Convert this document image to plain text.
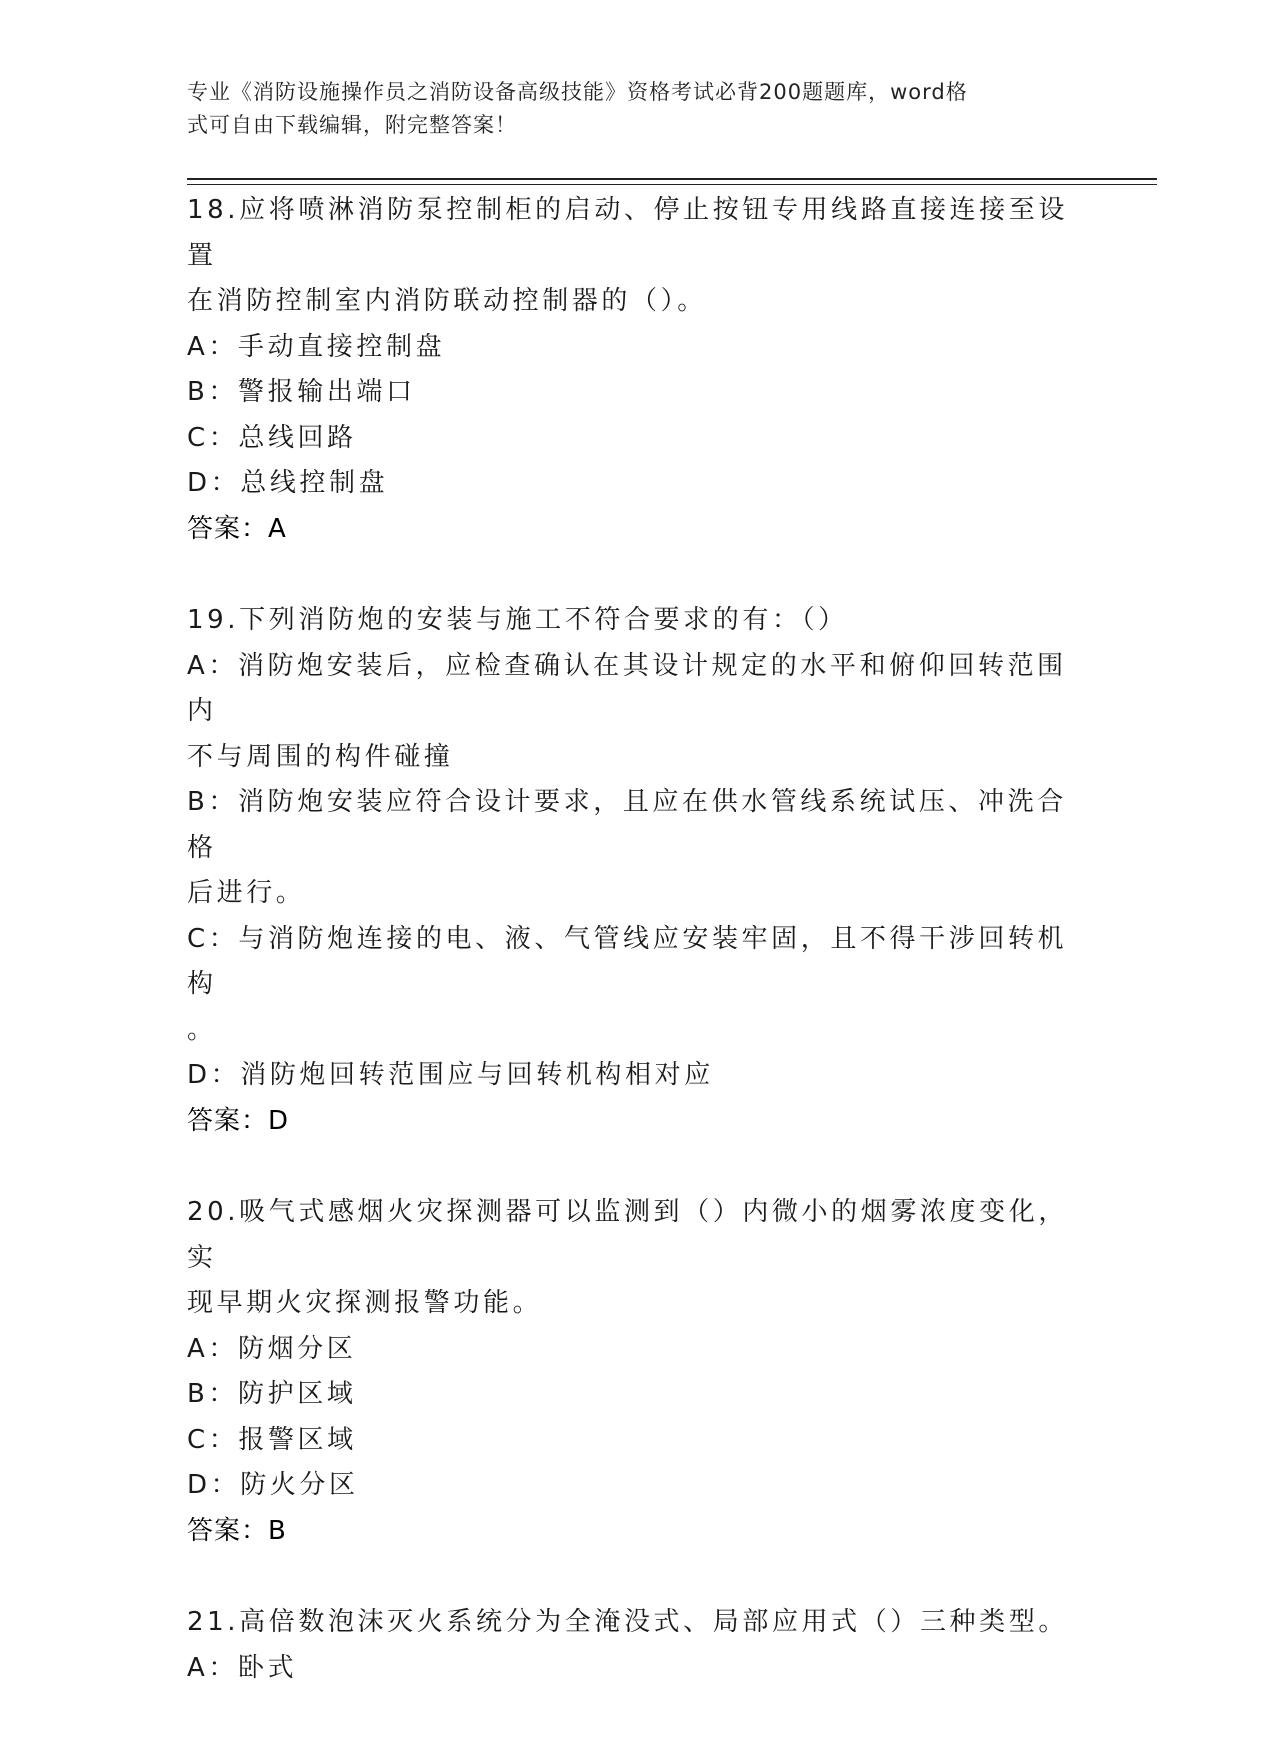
专业《消防设施操作员之消防设备高级技能》资格考试必背200题题库，word格
式可自由下载编辑，附完整答案！
18.应将喷淋消防泵控制柜的启动、停止按钮专用线路直接连接至设置
在消防控制室内消防联动控制器的（）。
A：手动直接控制盘
B：警报输出端口
C：总线回路
D：总线控制盘
答案：A
19.下列消防炮的安装与施工不符合要求的有：（）
A：消防炮安装后，应检查确认在其设计规定的水平和俯仰回转范围内
不与周围的构件碰撞
B：消防炮安装应符合设计要求，且应在供水管线系统试压、冲洗合格
后进行。
C：与消防炮连接的电、液、气管线应安装牢固，且不得干涉回转机构
。
D：消防炮回转范围应与回转机构相对应
答案：D
20.吸气式感烟火灾探测器可以监测到（）内微小的烟雾浓度变化，实
现早期火灾探测报警功能。
A：防烟分区
B：防护区域
C：报警区域
D：防火分区
答案：B
21.高倍数泡沫灭火系统分为全淹没式、局部应用式（）三种类型。
A：卧式
